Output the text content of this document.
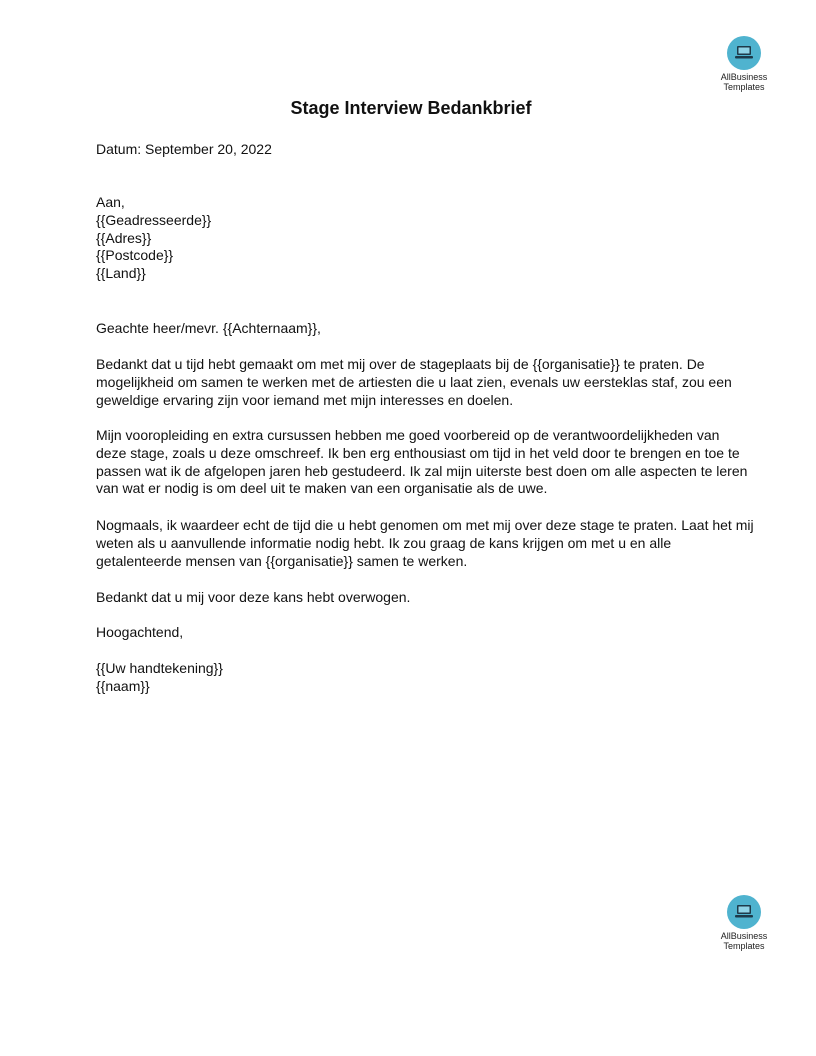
AllBusiness
Templates
Stage Interview Bedankbrief
Datum: September 20, 2022
Aan,
{{Geadresseerde}}
{{Adres}}
{{Postcode}}
{{Land}}
Geachte heer/mevr. {{Achternaam}},
Bedankt dat u tijd hebt gemaakt om met mij over de stageplaats bij de {{organisatie}} te praten. De
mogelijkheid om samen te werken met de artiesten die u laat zien, evenals uw eersteklas staf, zou een
geweldige ervaring zijn voor iemand met mijn interesses en doelen.
Mijn vooropleiding en extra cursussen hebben me goed voorbereid op de verantwoordelijkheden van
deze stage, zoals u deze omschreef. Ik ben erg enthousiast om tijd in het veld door te brengen en toe te
passen wat ik de afgelopen jaren heb gestudeerd. Ik zal mijn uiterste best doen om alle aspecten te leren
van wat er nodig is om deel uit te maken van een organisatie als de uwe.
Nogmaals, ik waardeer echt de tijd die u hebt genomen om met mij over deze stage te praten. Laat het mij
weten als u aanvullende informatie nodig hebt. Ik zou graag de kans krijgen om met u en alle
getalenteerde mensen van {{organisatie}} samen te werken.
Bedankt dat u mij voor deze kans hebt overwogen.
Hoogachtend,
{{Uw handtekening}}
{{naam}}
AllBusiness
Templates
